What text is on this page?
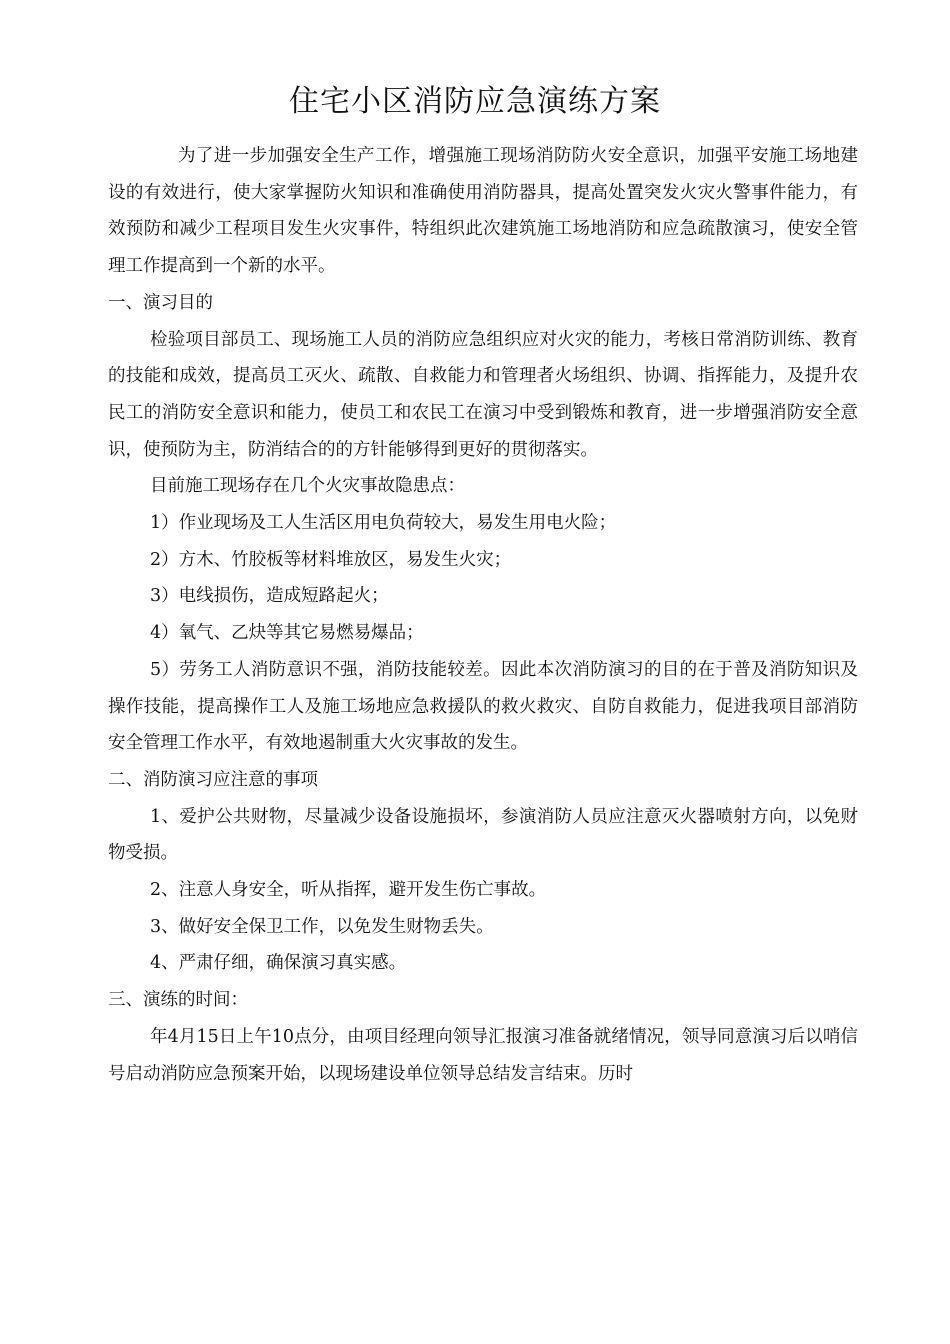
住宅小区消防应急演练方案

为了进一步加强安全生产工作，增强施工现场消防防火安全意识，加强平安施工场地建设的有效进行，使大家掌握防火知识和准确使用消防器具，提高处置突发火灾火警事件能力，有效预防和减少工程项目发生火灾事件，特组织此次建筑施工场地消防和应急疏散演习，使安全管理工作提高到一个新的水平。

一、演习目的

检验项目部员工、现场施工人员的消防应急组织应对火灾的能力，考核日常消防训练、教育的技能和成效，提高员工灭火、疏散、自救能力和管理者火场组织、协调、指挥能力，及提升农民工的消防安全意识和能力，使员工和农民工在演习中受到锻炼和教育，进一步增强消防安全意识，使预防为主，防消结合的的方针能够得到更好的贯彻落实。

目前施工现场存在几个火灾事故隐患点：

1）作业现场及工人生活区用电负荷较大，易发生用电火险；

2）方木、竹胶板等材料堆放区，易发生火灾；

3）电线损伤，造成短路起火；

4）氧气、乙炔等其它易燃易爆品；

5）劳务工人消防意识不强，消防技能较差。因此本次消防演习的目的在于普及消防知识及操作技能，提高操作工人及施工场地应急救援队的救火救灾、自防自救能力，促进我项目部消防安全管理工作水平，有效地遏制重大火灾事故的发生。

二、消防演习应注意的事项

1、爱护公共财物，尽量减少设备设施损坏，参演消防人员应注意灭火器喷射方向，以免财物受损。

2、注意人身安全，听从指挥，避开发生伤亡事故。

3、做好安全保卫工作，以免发生财物丢失。

4、严肃仔细，确保演习真实感。

三、演练的时间：

年4月15日上午10点分，由项目经理向领导汇报演习准备就绪情况，领导同意演习后以哨信号启动消防应急预案开始，以现场建设单位领导总结发言结束。历时
